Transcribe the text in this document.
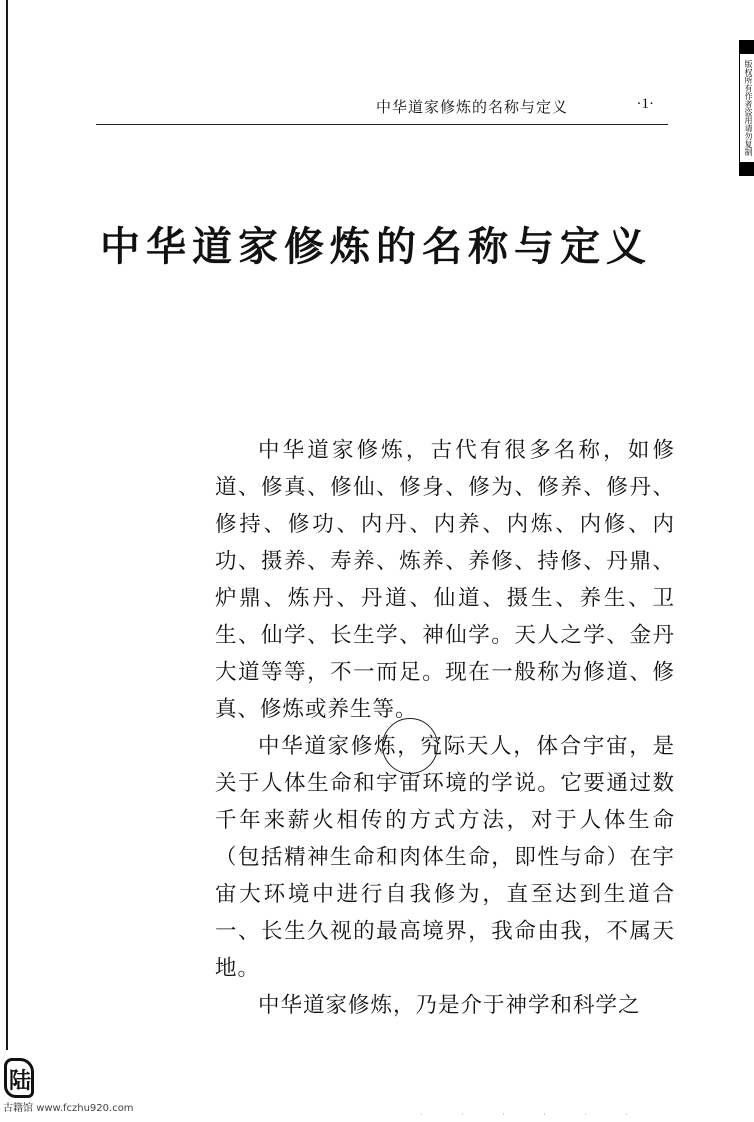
版权所有作者盗用请勿复制
中华道家修炼的名称与定义	·1·
中华道家修炼的名称与定义

中华道家修炼，古代有很多名称，如修道、修真、修仙、修身、修为、修养、修丹、修持、修功、内丹、内养、内炼、内修、内功、摄养、寿养、炼养、养修、持修、丹鼎、炉鼎、炼丹、丹道、仙道、摄生、养生、卫生、仙学、长生学、神仙学。天人之学、金丹大道等等，不一而足。现在一般称为修道、修真、修炼或养生等。

中华道家修炼，究际天人，体合宇宙，是关于人体生命和宇宙环境的学说。它要通过数千年来薪火相传的方式方法，对于人体生命（包括精神生命和肉体生命，即性与命）在宇宙大环境中进行自我修为，直至达到生道合一、长生久视的最高境界，我命由我，不属天地。

中华道家修炼，乃是介于神学和科学之

陆
古籍馆 www.fczhu920.com
· · · · · ·
